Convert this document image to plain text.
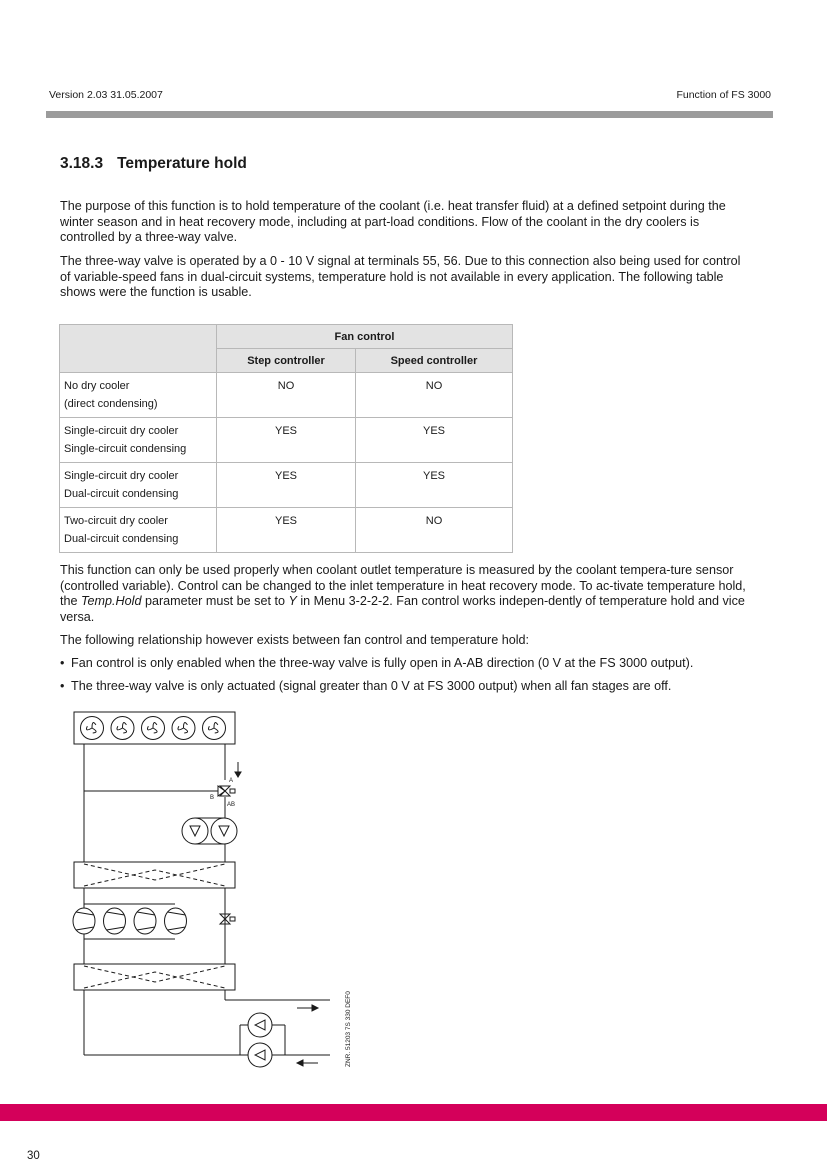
Version 2.03 31.05.2007	Function of FS 3000
3.18.3 Temperature hold

The purpose of this function is to hold temperature of the coolant (i.e. heat transfer fluid) at a defined setpoint during the winter season and in heat recovery mode, including at part-load conditions. Flow of the coolant in the dry coolers is controlled by a three-way valve.

The three-way valve is operated by a 0 - 10 V signal at terminals 55, 56. Due to this connection also being used for control of variable-speed fans in dual-circuit systems, temperature hold is not available in every application. The following table shows were the function is usable.

	Fan control	
	Step controller	Speed controller
No dry cooler
(direct condensing)	NO	NO
Single-circuit dry cooler
Single-circuit condensing	YES	YES
Single-circuit dry cooler
Dual-circuit condensing	YES	YES
Two-circuit dry cooler
Dual-circuit condensing	YES	NO

This function can only be used properly when coolant outlet temperature is measured by the coolant tempera-ture sensor (controlled variable). Control can be changed to the inlet temperature in heat recovery mode. To ac-tivate temperature hold, the Temp.Hold parameter must be set to Y in Menu 3-2-2-2. Fan control works indepen-dently of temperature hold and vice versa.

The following relationship however exists between fan control and temperature hold:

• Fan control is only enabled when the three-way valve is fully open in A-AB direction (0 V at the FS 3000 output).

• The three-way valve is only actuated (signal greater than 0 V at FS 3000 output) when all fan stages are off.

A
B
AB
ZNR. 51203 7S 330 DEF0
30
